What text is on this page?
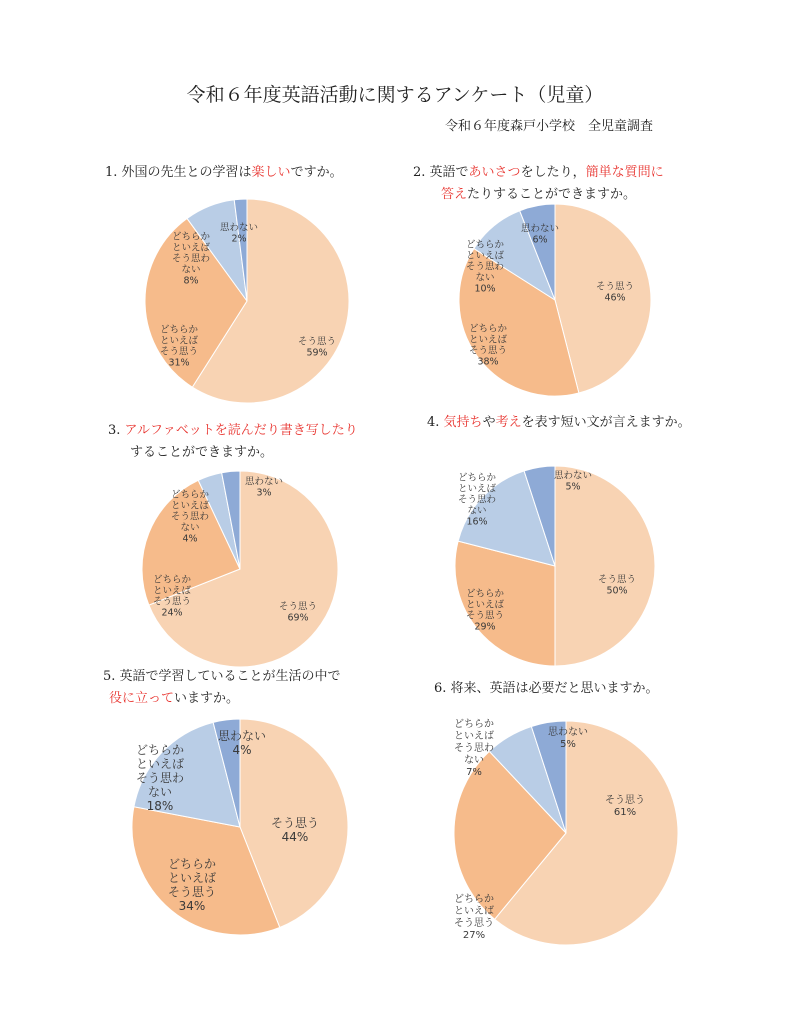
令和６年度英語活動に関するアンケート（児童）
令和６年度森戸小学校　全児童調査
1. 外国の先生との学習は楽しいですか。	2. 英語であいさつをしたり，簡単な質問に
答えたりすることができますか。
3. アルファベットを読んだり書き写したり
することができますか。
4. 気持ちや考えを表す短い文が言えますか。
5. 英語で学習していることが生活の中で
役に立っていますか。
6. 将来、英語は必要だと思いますか。
そう思う
59%
どちらか
といえば
そう思う
31%
どちらか
といえば
そう思わ
ない
8%
思わない
2%
そう思う
46%
どちらか
といえば
そう思う
38%
どちらか
といえば
そう思わ
ない
10%
思わない
6%
そう思う
69%
どちらか
といえば
そう思う
24%
どちらか
といえば
そう思わ
ない
4%
思わない
3%
そう思う
50%
どちらか
といえば
そう思う
29%
どちらか
といえば
そう思わ
ない
16%
思わない
5%
そう思う
44%
どちらか
といえば
そう思う
34%
どちらか
といえば
そう思わ
ない
18%
思わない
4%
そう思う
61%
どちらか
といえば
そう思う
27%
どちらか
といえば
そう思わ
ない
7%
思わない
5%
